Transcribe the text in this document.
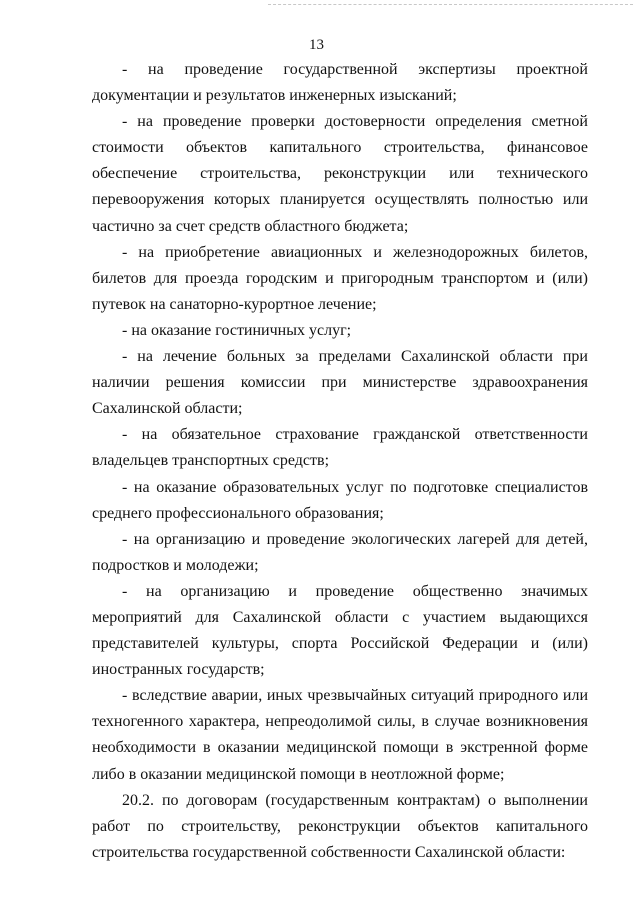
13

- на проведение государственной экспертизы проектной документации и результатов инженерных изысканий;

- на проведение проверки достоверности определения сметной стоимости объектов капитального строительства, финансовое обеспечение строительства, реконструкции или технического перевооружения которых планируется осуществлять полностью или частично за счет средств областного бюджета;

- на приобретение авиационных и железнодорожных билетов, билетов для проезда городским и пригородным транспортом и (или) путевок на санаторно-курортное лечение;

- на оказание гостиничных услуг;

- на лечение больных за пределами Сахалинской области при наличии решения комиссии при министерстве здравоохранения Сахалинской области;

- на обязательное страхование гражданской ответственности владельцев транспортных средств;

- на оказание образовательных услуг по подготовке специалистов среднего профессионального образования;

- на организацию и проведение экологических лагерей для детей, подростков и молодежи;

- на организацию и проведение общественно значимых мероприятий для Сахалинской области с участием выдающихся представителей культуры, спорта Российской Федерации и (или) иностранных государств;

- вследствие аварии, иных чрезвычайных ситуаций природного или техногенного характера, непреодолимой силы, в случае возникновения необходимости в оказании медицинской помощи в экстренной форме либо в оказании медицинской помощи в неотложной форме;

20.2. по договорам (государственным контрактам) о выполнении работ по строительству, реконструкции объектов капитального строительства государственной собственности Сахалинской области:
